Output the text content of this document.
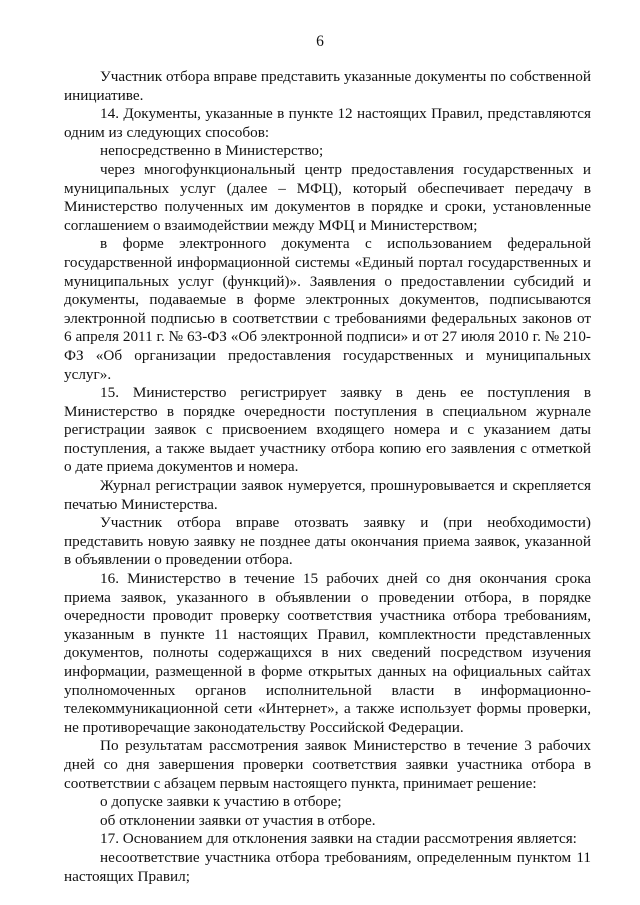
6

Участник отбора вправе представить указанные документы по собственной инициативе.

14. Документы, указанные в пункте 12 настоящих Правил, представляются одним из следующих способов:

непосредственно в Министерство;

через многофункциональный центр предоставления государственных и муниципальных услуг (далее – МФЦ), который обеспечивает передачу в Министерство полученных им документов в порядке и сроки, установленные соглашением о взаимодействии между МФЦ и Министерством;

в форме электронного документа с использованием федеральной государственной информационной системы «Единый портал государственных и муниципальных услуг (функций)». Заявления о предоставлении субсидий и документы, подаваемые в форме электронных документов, подписываются электронной подписью в соответствии с требованиями федеральных законов от 6 апреля 2011 г. № 63-ФЗ «Об электронной подписи» и от 27 июля 2010 г. № 210-ФЗ «Об организации предоставления государственных и муниципальных услуг».

15. Министерство регистрирует заявку в день ее поступления в Министерство в порядке очередности поступления в специальном журнале регистрации заявок с присвоением входящего номера и с указанием даты поступления, а также выдает участнику отбора копию его заявления с отметкой о дате приема документов и номера.

Журнал регистрации заявок нумеруется, прошнуровывается и скрепляется печатью Министерства.

Участник отбора вправе отозвать заявку и (при необходимости) представить новую заявку не позднее даты окончания приема заявок, указанной в объявлении о проведении отбора.

16. Министерство в течение 15 рабочих дней со дня окончания срока приема заявок, указанного в объявлении о проведении отбора, в порядке очередности проводит проверку соответствия участника отбора требованиям, указанным в пункте 11 настоящих Правил, комплектности представленных документов, полноты содержащихся в них сведений посредством изучения информации, размещенной в форме открытых данных на официальных сайтах уполномоченных органов исполнительной власти в информационно-телекоммуникационной сети «Интернет», а также использует формы проверки, не противоречащие законодательству Российской Федерации.

По результатам рассмотрения заявок Министерство в течение 3 рабочих дней со дня завершения проверки соответствия заявки участника отбора в соответствии с абзацем первым настоящего пункта, принимает решение:

о допуске заявки к участию в отборе;

об отклонении заявки от участия в отборе.

17. Основанием для отклонения заявки на стадии рассмотрения является:

несоответствие участника отбора требованиям, определенным пунктом 11 настоящих Правил;
